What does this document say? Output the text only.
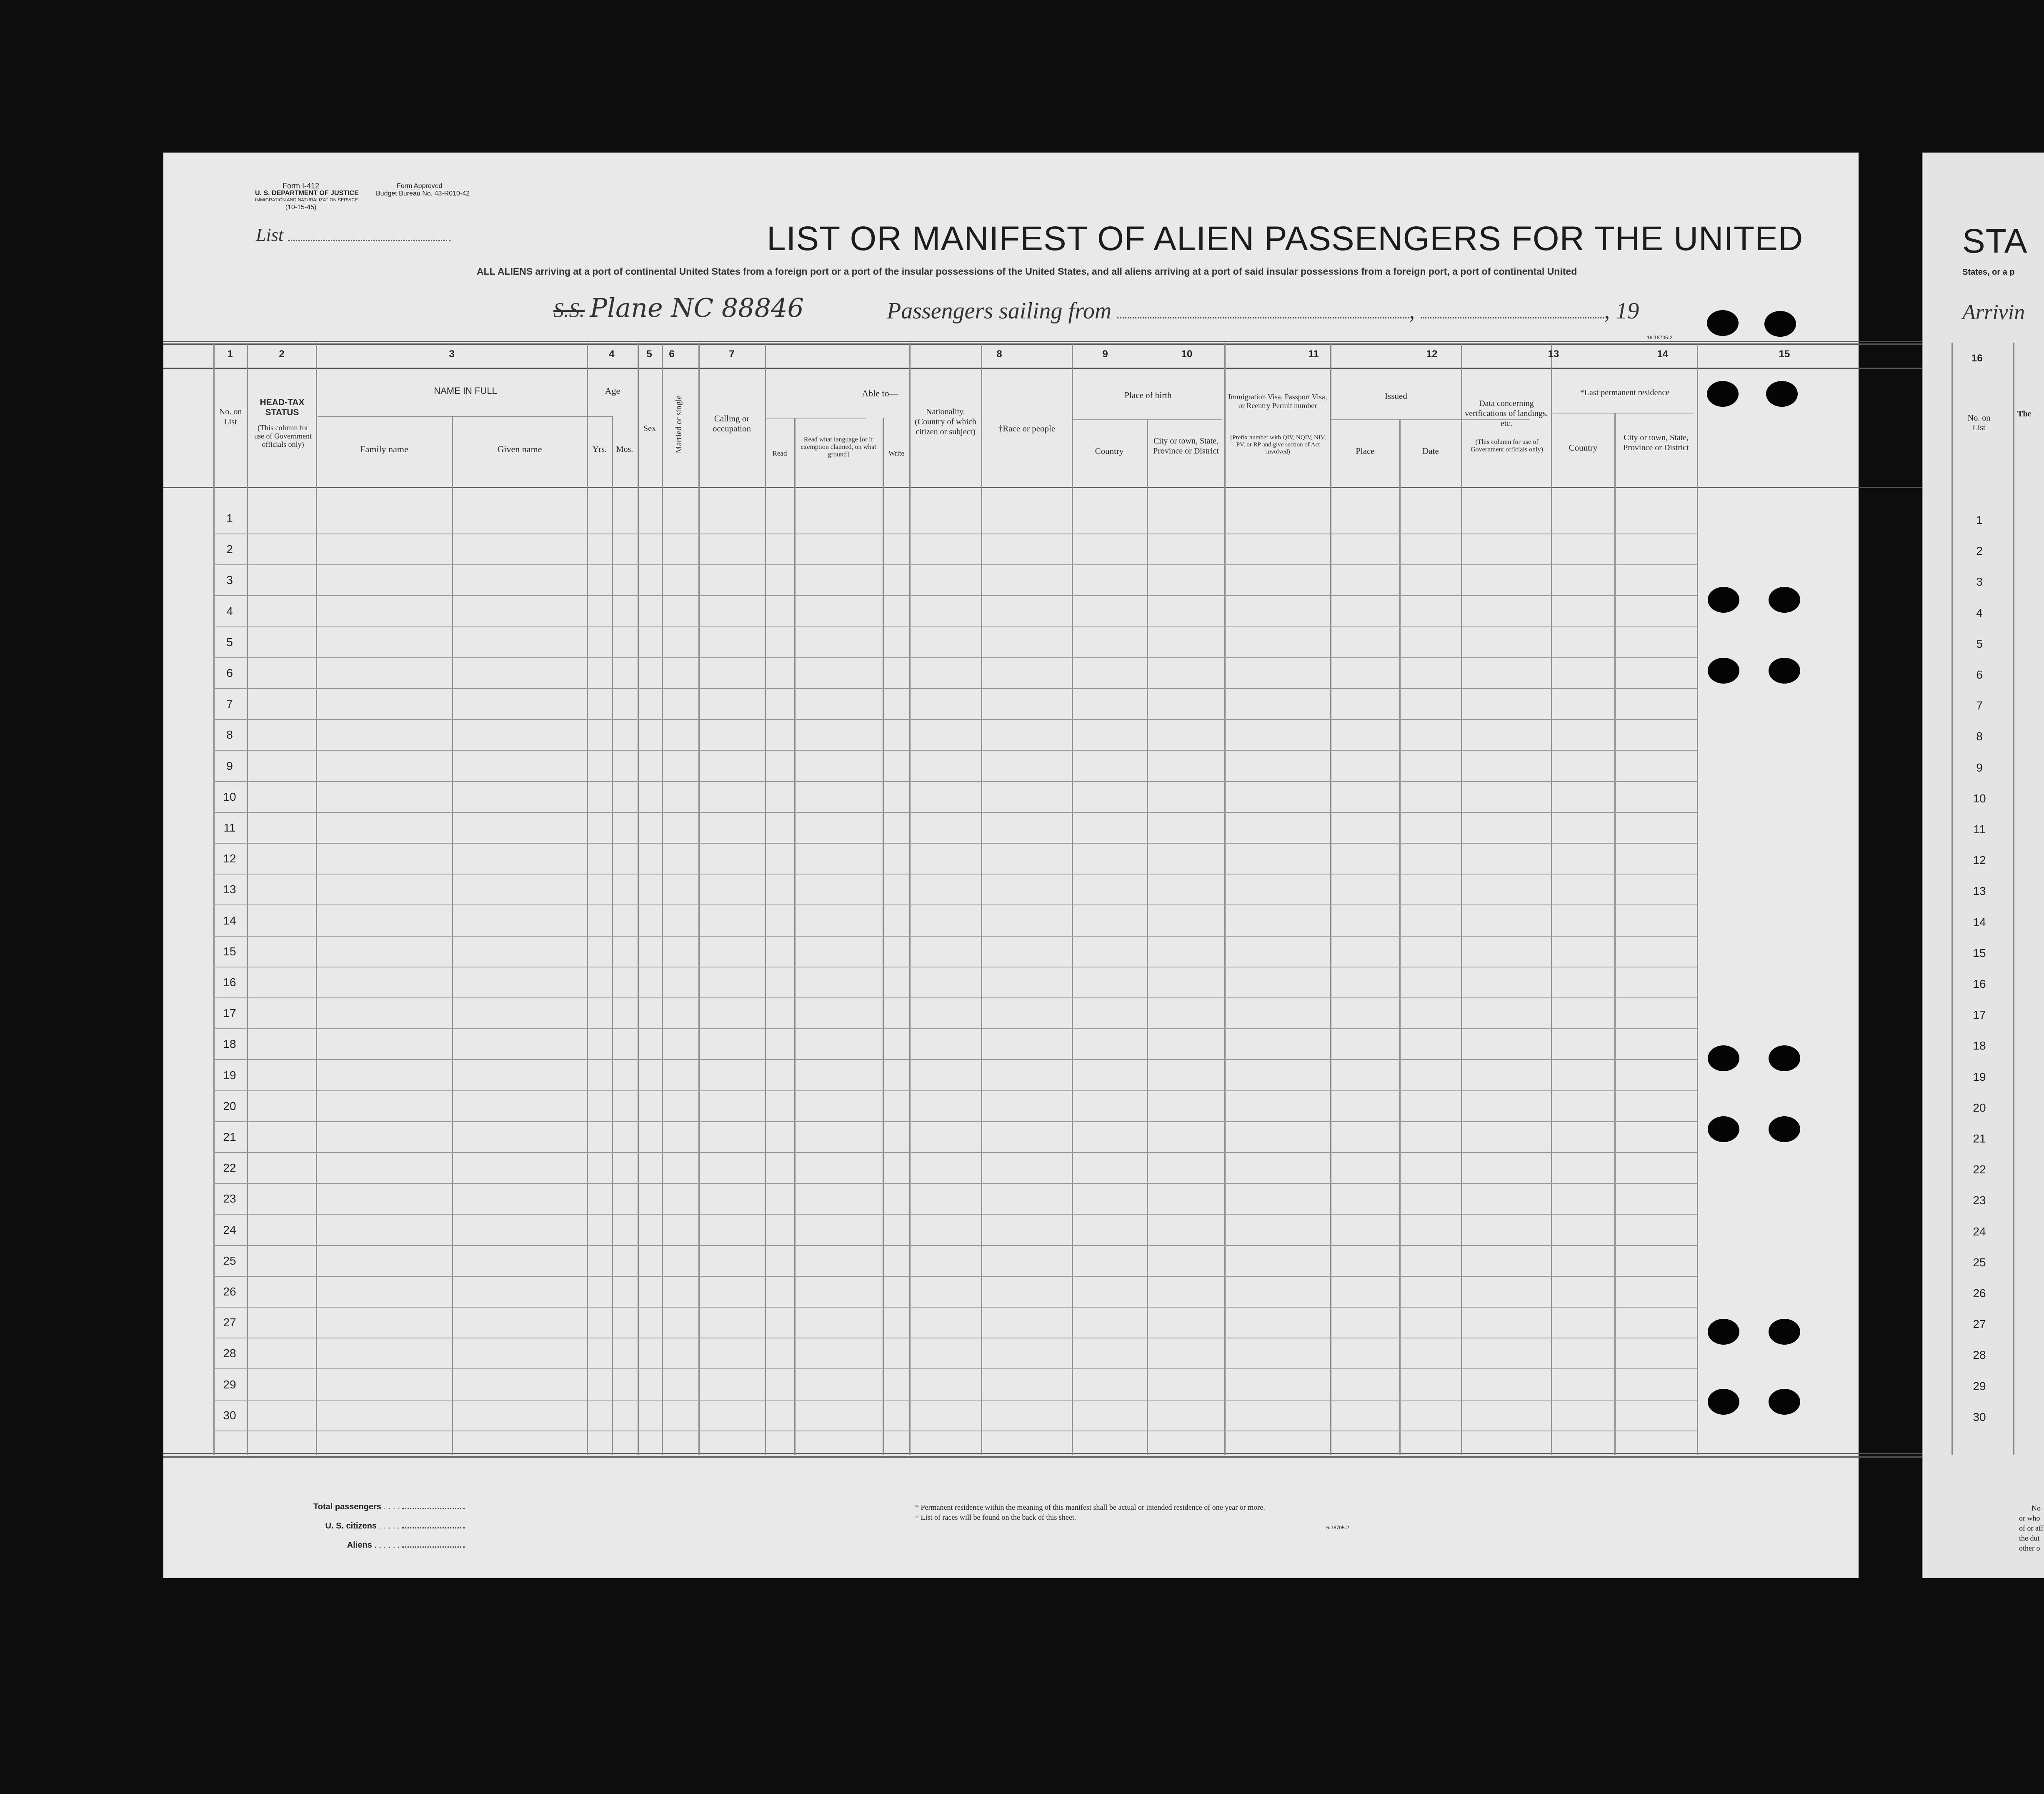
Form I-412
U. S. DEPARTMENT OF JUSTICE
IMMIGRATION AND NATURALIZATION SERVICE
(10-15-45)
Form Approved
Budget Bureau No. 43-R010-42
List	LIST OR MANIFEST OF ALIEN PASSENGERS FOR THE UNITED
ALL ALIENS arriving at a port of continental United States from a foreign port or a port of the insular possessions of the United States, and all aliens arriving at a port of said insular possessions from a foreign port, a port of continental United
S.S. Plane NC 88846	Passengers sailing from	,	, 19
16-18705-2
1	2	3	4	5	6	7	8	9	10	11	12	13	14	15
No. on List
HEAD-TAX STATUS
(This column for use of Government officials only)
NAME IN FULL
Family name	Given name
Age
Yrs.	Mos.
Sex	Married or single	Calling or occupation
Able to—
Read
Read what language [or if exemption claimed, on what ground]	Write
Nationality. (Country of which citizen or subject)	†Race or people
Place of birth
Country
City or town, State, Province or District
Immigration Visa, Passport Visa, or Reentry Permit number
(Prefix number with QIV, NQIV, NIV, PV, or RP and give section of Act involved)
Issued
Place	Date
Data concerning verifications of landings, etc.
(This column for use of Government officials only)
*Last permanent residence
Country
City or town, State, Province or District
1
2
3
4
5
6
7
8
9
10
11
12
13
14
15
16
17
18
19
20
21
22
23
24
25
26
27
28
29
30
Total passengers . . . .
U. S. citizens . . . . .
Aliens . . . . . .
* Permanent residence within the meaning of this manifest shall be actual or intended residence of one year or more.
† List of races will be found on the back of this sheet.
16-18705-2
STA
States, or a p
Arrivin
16
No. on List
The
No
or who
of or aff
the dut
other o
1
2
3
4
5
6
7
8
9
10
11
12
13
14
15
16
17
18
19
20
21
22
23
24
25
26
27
28
29
30
